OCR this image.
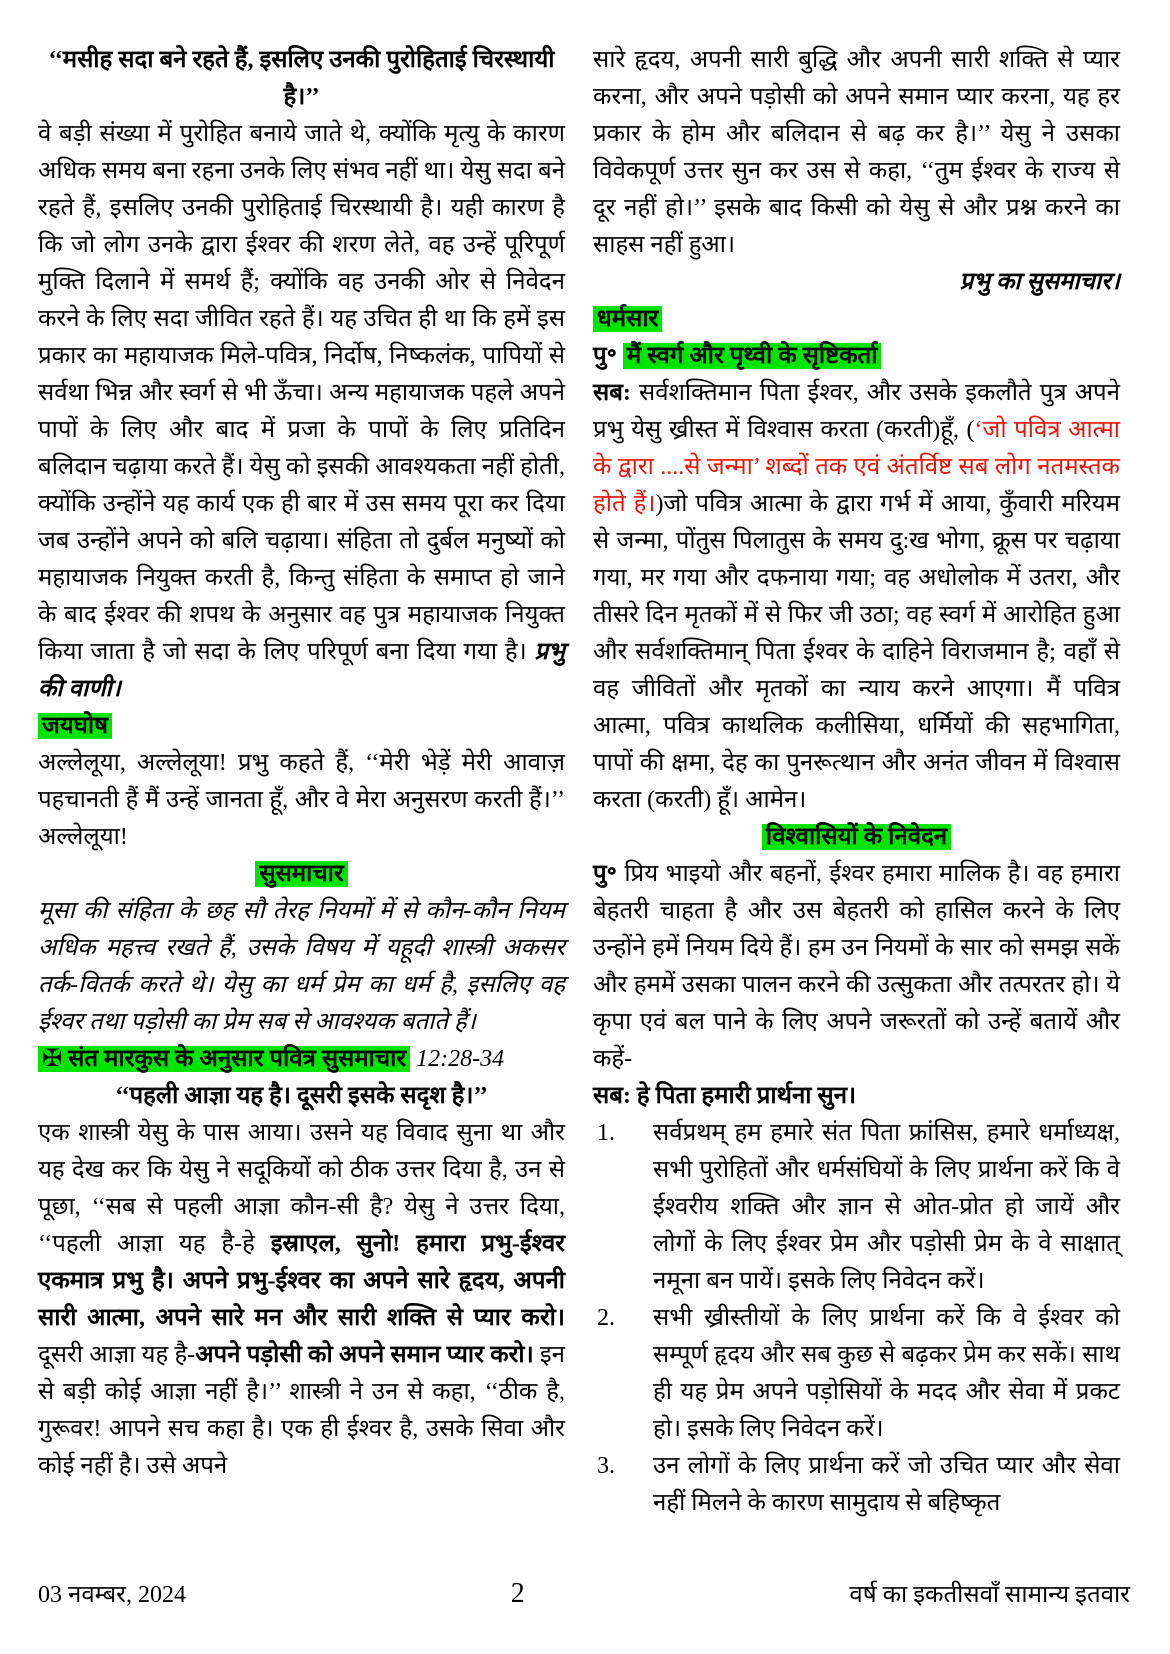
‘‘मसीह सदा बने रहते हैं, इसलिए उनकी पुरोहिताई चिरस्थायी है।’’

वे बड़ी संख्या में पुरोहित बनाये जाते थे, क्योंकि मृत्यु के कारण अधिक समय बना रहना उनके लिए संभव नहीं था। येसु सदा बने रहते हैं, इसलिए उनकी पुरोहिताई चिरस्थायी है। यही कारण है कि जो लोग उनके द्वारा ईश्वर की शरण लेते, वह उन्हें पूरिपूर्ण मुक्ति दिलाने में समर्थ हैं; क्योंकि वह उनकी ओर से निवेदन करने के लिए सदा जीवित रहते हैं। यह उचित ही था कि हमें इस प्रकार का महायाजक मिले-पवित्र, निर्दोष, निष्कलंक, पापियों से सर्वथा भिन्न और स्वर्ग से भी ऊँचा। अन्य महायाजक पहले अपने पापों के लिए और बाद में प्रजा के पापों के लिए प्रतिदिन बलिदान चढ़ाया करते हैं। येसु को इसकी आवश्यकता नहीं होती, क्योंकि उन्होंने यह कार्य एक ही बार में उस समय पूरा कर दिया जब उन्होंने अपने को बलि चढ़ाया। संहिता तो दुर्बल मनुष्यों को महायाजक नियुक्त करती है, किन्तु संहिता के समाप्त हो जाने के बाद ईश्वर की शपथ के अनुसार वह पुत्र महायाजक नियुक्त किया जाता है जो सदा के लिए परिपूर्ण बना दिया गया है। प्रभु की वाणी।

जयघोष

अल्लेलूया, अल्लेलूया! प्रभु कहते हैं, ‘‘मेरी भेड़ें मेरी आवाज़ पहचानती हैं मैं उन्हें जानता हूँ, और वे मेरा अनुसरण करती हैं।’’ अल्लेलूया!

सुसमाचार

मूसा की संहिता के छह सौ तेरह नियमों में से कौन-कौन नियम अधिक महत्त्व रखते हैं, उसके विषय में यहूदी शास्त्री अकसर तर्क-वितर्क करते थे। येसु का धर्म प्रेम का धर्म है, इसलिए वह ईश्वर तथा पड़ोसी का प्रेम सब से आवश्यक बताते हैं।

✠ संत मारकुस के अनुसार पवित्र सुसमाचार 12:28-34

‘‘पहली आज्ञा यह है। दूसरी इसके सदृश है।’’

एक शास्त्री येसु के पास आया। उसने यह विवाद सुना था और यह देख कर कि येसु ने सदूकियों को ठीक उत्तर दिया है, उन से पूछा, ‘‘सब से पहली आज्ञा कौन-सी है? येसु ने उत्तर दिया, ‘‘पहली आज्ञा यह है-हे इस्राएल, सुनो! हमारा प्रभु-ईश्वर एकमात्र प्रभु है। अपने प्रभु-ईश्वर का अपने सारे हृदय, अपनी सारी आत्मा, अपने सारे मन और सारी शक्ति से प्यार करो। दूसरी आज्ञा यह है-अपने पड़ोसी को अपने समान प्यार करो। इन से बड़ी कोई आज्ञा नहीं है।’’ शास्त्री ने उन से कहा, ‘‘ठीक है, गुरूवर! आपने सच कहा है। एक ही ईश्वर है, उसके सिवा और कोई नहीं है। उसे अपने

सारे हृदय, अपनी सारी बुद्धि और अपनी सारी शक्ति से प्यार करना, और अपने पड़ोसी को अपने समान प्यार करना, यह हर प्रकार के होम और बलिदान से बढ़ कर है।’’ येसु ने उसका विवेकपूर्ण उत्तर सुन कर उस से कहा, ‘‘तुम ईश्वर के राज्य से दूर नहीं हो।’’ इसके बाद किसी को येसु से और प्रश्न करने का साहस नहीं हुआ।

प्रभु का सुसमाचार।

धर्मसार

पु॰ मैं स्वर्ग और पृथ्वी के सृष्टिकर्ता

सब: सर्वशक्तिमान पिता ईश्वर, और उसके इकलौते पुत्र अपने प्रभु येसु ख्रीस्त में विश्वास करता (करती)हूँ, (‘जो पवित्र आत्मा के द्वारा ....से जन्मा’ शब्दों तक एवं अंतर्विष्ट सब लोग नतमस्तक होते हैं।)जो पवित्र आत्मा के द्वारा गर्भ में आया, कुँवारी मरियम से जन्मा, पोंतुस पिलातुस के समय दु:ख भोगा, क्रूस पर चढ़ाया गया, मर गया और दफनाया गया; वह अधोलोक में उतरा, और तीसरे दिन मृतकों में से फिर जी उठा; वह स्वर्ग में आरोहित हुआ और सर्वशक्तिमान् पिता ईश्वर के दाहिने विराजमान है; वहाँ से वह जीवितों और मृतकों का न्याय करने आएगा। मैं पवित्र आत्मा, पवित्र काथलिक कलीसिया, धर्मियों की सहभागिता, पापों की क्षमा, देह का पुनरूत्थान और अनंत जीवन में विश्वास करता (करती) हूँ। आमेन।

विश्वासियों के निवेदन

पु॰ प्रिय भाइयो और बहनों, ईश्वर हमारा मालिक है। वह हमारा बेहतरी चाहता है और उस बेहतरी को हासिल करने के लिए उन्होंने हमें नियम दिये हैं। हम उन नियमों के सार को समझ सकें और हममें उसका पालन करने की उत्सुकता और तत्परतर हो। ये कृपा एवं बल पाने के लिए अपने जरूरतों को उन्हें बतायें और कहें-

सब: हे पिता हमारी प्रार्थना सुन।

1.	सर्वप्रथम् हम हमारे संत पिता फ्रांसिस, हमारे धर्माध्यक्ष, सभी पुरोहितों और धर्मसंघियों के लिए प्रार्थना करें कि वे ईश्वरीय शक्ति और ज्ञान से ओत-प्रोत हो जायें और लोगों के लिए ईश्वर प्रेम और पड़ोसी प्रेम के वे साक्षात् नमूना बन पायें। इसके लिए निवेदन करें।
2.	सभी ख्रीस्तीयों के लिए प्रार्थना करें कि वे ईश्वर को सम्पूर्ण हृदय और सब कुछ से बढ़कर प्रेम कर सकें। साथ ही यह प्रेम अपने पड़ोसियों के मदद और सेवा में प्रकट हो। इसके लिए निवेदन करें।
3.	उन लोगों के लिए प्रार्थना करें जो उचित प्यार और सेवा नहीं मिलने के कारण सामुदाय से बहिष्कृत
03 नवम्बर, 2024	2	वर्ष का इकतीसवाँ सामान्य इतवार
